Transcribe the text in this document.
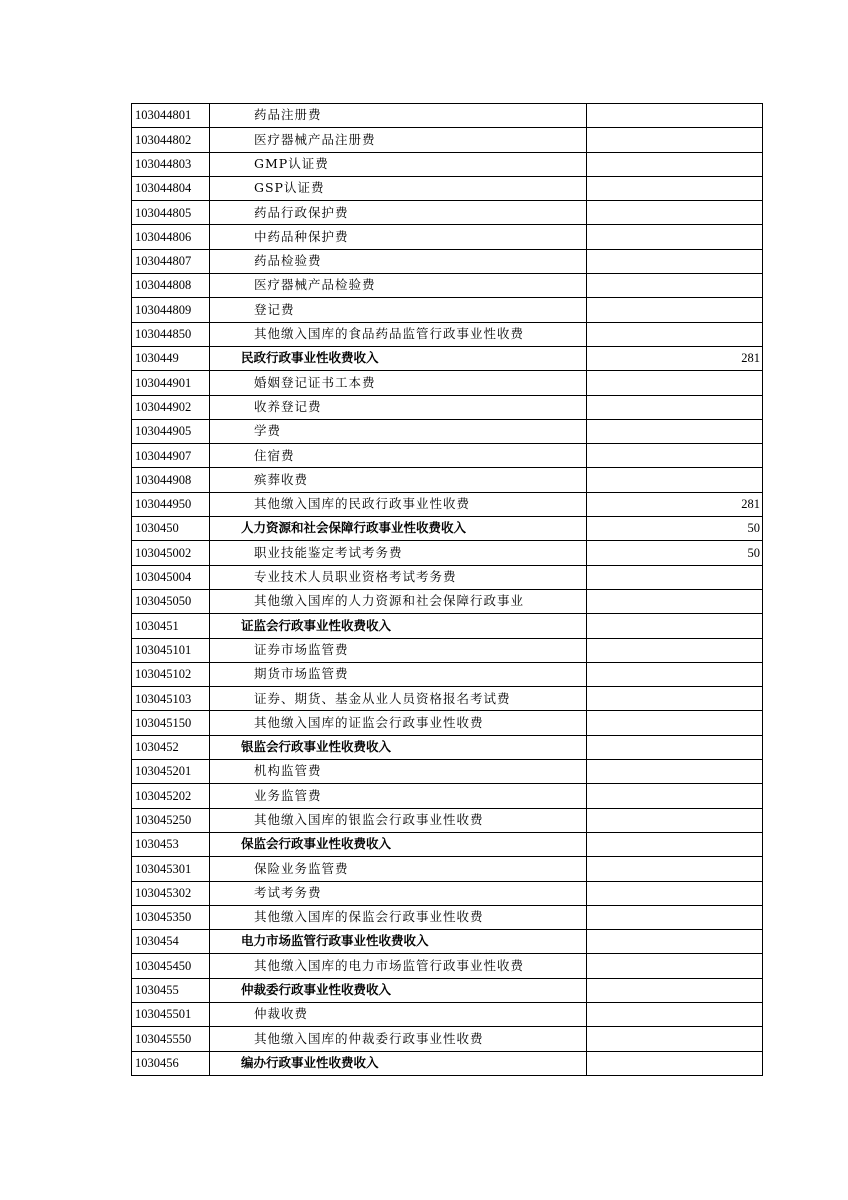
103044801	药品注册费	
103044802	医疗器械产品注册费	
103044803	GMP认证费	
103044804	GSP认证费	
103044805	药品行政保护费	
103044806	中药品种保护费	
103044807	药品检验费	
103044808	医疗器械产品检验费	
103044809	登记费	
103044850	其他缴入国库的食品药品监管行政事业性收费	
1030449	民政行政事业性收费收入	281
103044901	婚姻登记证书工本费	
103044902	收养登记费	
103044905	学费	
103044907	住宿费	
103044908	殡葬收费	
103044950	其他缴入国库的民政行政事业性收费	281
1030450	人力资源和社会保障行政事业性收费收入	50
103045002	职业技能鉴定考试考务费	50
103045004	专业技术人员职业资格考试考务费	
103045050	其他缴入国库的人力资源和社会保障行政事业	
1030451	证监会行政事业性收费收入	
103045101	证券市场监管费	
103045102	期货市场监管费	
103045103	证券、期货、基金从业人员资格报名考试费	
103045150	其他缴入国库的证监会行政事业性收费	
1030452	银监会行政事业性收费收入	
103045201	机构监管费	
103045202	业务监管费	
103045250	其他缴入国库的银监会行政事业性收费	
1030453	保监会行政事业性收费收入	
103045301	保险业务监管费	
103045302	考试考务费	
103045350	其他缴入国库的保监会行政事业性收费	
1030454	电力市场监管行政事业性收费收入	
103045450	其他缴入国库的电力市场监管行政事业性收费	
1030455	仲裁委行政事业性收费收入	
103045501	仲裁收费	
103045550	其他缴入国库的仲裁委行政事业性收费	
1030456	编办行政事业性收费收入	
